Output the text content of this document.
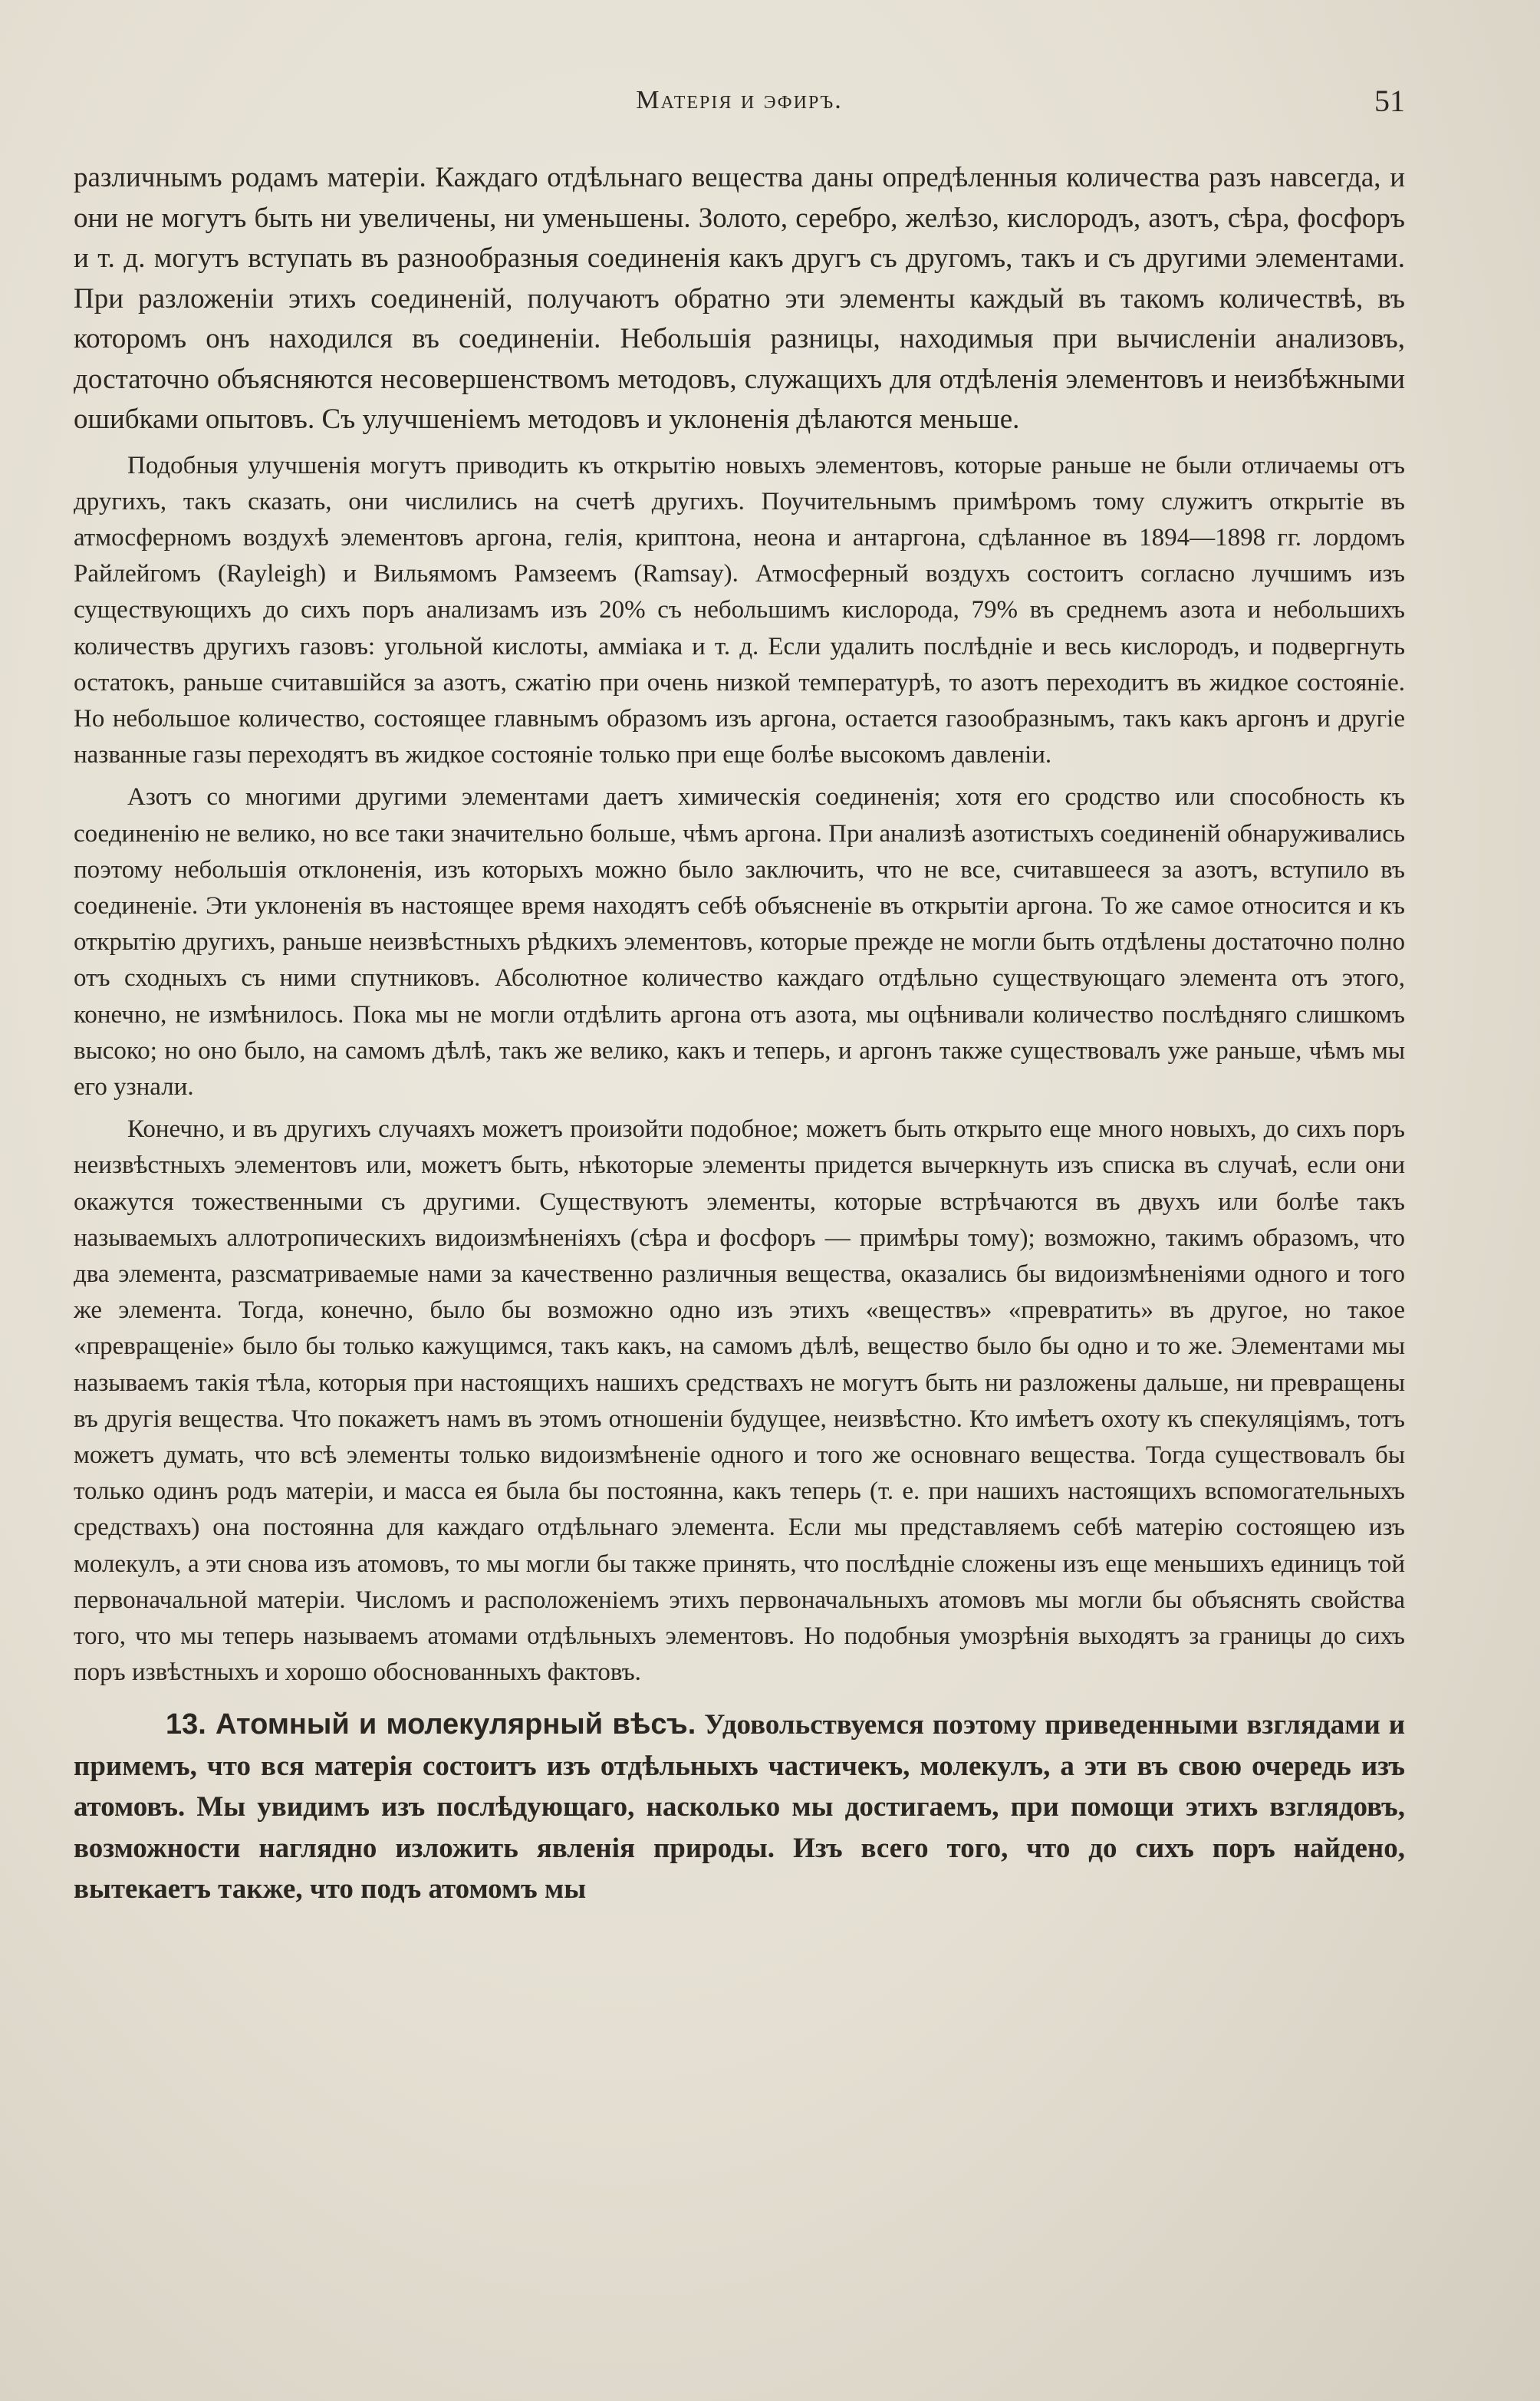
Матерія и эфиръ.	51

различнымъ родамъ матеріи. Каждаго отдѣльнаго вещества даны опредѣленныя количества разъ навсегда, и они не могутъ быть ни увеличены, ни уменьшены. Золото, серебро, желѣзо, кислородъ, азотъ, сѣра, фосфоръ и т. д. могутъ вступать въ разнообразныя соединенія какъ другъ съ другомъ, такъ и съ другими элементами. При разложеніи этихъ соединеній, получаютъ обратно эти элементы каждый въ такомъ количествѣ, въ которомъ онъ находился въ соединеніи. Небольшія разницы, находимыя при вычисленіи анализовъ, достаточно объясняются несовершенствомъ методовъ, служащихъ для отдѣленія элементовъ и неизбѣжными ошибками опытовъ. Съ улучшеніемъ методовъ и уклоненія дѣлаются меньше.

Подобныя улучшенія могутъ приводить къ открытію новыхъ элементовъ, которые раньше не были отличаемы отъ другихъ, такъ сказать, они числились на счетѣ другихъ. Поучительнымъ примѣромъ тому служитъ открытіе въ атмосферномъ воздухѣ элементовъ аргона, гелія, криптона, неона и антаргона, сдѣланное въ 1894—1898 гг. лордомъ Райлейгомъ (Rayleigh) и Вильямомъ Рамзеемъ (Ramsay). Атмосферный воздухъ состоитъ согласно лучшимъ изъ существующихъ до сихъ поръ анализамъ изъ 20% съ небольшимъ кислорода, 79% въ среднемъ азота и небольшихъ количествъ другихъ газовъ: угольной кислоты, амміака и т. д. Если удалить послѣдніе и весь кислородъ, и подвергнуть остатокъ, раньше считавшійся за азотъ, сжатію при очень низкой температурѣ, то азотъ переходитъ въ жидкое состояніе. Но небольшое количество, состоящее главнымъ образомъ изъ аргона, остается газообразнымъ, такъ какъ аргонъ и другіе названные газы переходятъ въ жидкое состояніе только при еще болѣе высокомъ давленіи.

Азотъ со многими другими элементами даетъ химическія соединенія; хотя его сродство или способность къ соединенію не велико, но все таки значительно больше, чѣмъ аргона. При анализѣ азотистыхъ соединеній обнаруживались поэтому небольшія отклоненія, изъ которыхъ можно было заключить, что не все, считавшееся за азотъ, вступило въ соединеніе. Эти уклоненія въ настоящее время находятъ себѣ объясненіе въ открытіи аргона. То же самое относится и къ открытію другихъ, раньше неизвѣстныхъ рѣдкихъ элементовъ, которые прежде не могли быть отдѣлены достаточно полно отъ сходныхъ съ ними спутниковъ. Абсолютное количество каждаго отдѣльно существующаго элемента отъ этого, конечно, не измѣнилось. Пока мы не могли отдѣлить аргона отъ азота, мы оцѣнивали количество послѣдняго слишкомъ высоко; но оно было, на самомъ дѣлѣ, такъ же велико, какъ и теперь, и аргонъ также существовалъ уже раньше, чѣмъ мы его узнали.

Конечно, и въ другихъ случаяхъ можетъ произойти подобное; можетъ быть открыто еще много новыхъ, до сихъ поръ неизвѣстныхъ элементовъ или, можетъ быть, нѣкоторые элементы придется вычеркнуть изъ списка въ случаѣ, если они окажутся тожественными съ другими. Существуютъ элементы, которые встрѣчаются въ двухъ или болѣе такъ называемыхъ аллотропическихъ видоизмѣненіяхъ (сѣра и фосфоръ — примѣры тому); возможно, такимъ образомъ, что два элемента, разсматриваемые нами за качественно различныя вещества, оказались бы видоизмѣненіями одного и того же элемента. Тогда, конечно, было бы возможно одно изъ этихъ «веществъ» «превратить» въ другое, но такое «превращеніе» было бы только кажущимся, такъ какъ, на самомъ дѣлѣ, вещество было бы одно и то же. Элементами мы называемъ такія тѣла, которыя при настоящихъ нашихъ средствахъ не могутъ быть ни разложены дальше, ни превращены въ другія вещества. Что покажетъ намъ въ этомъ отношеніи будущее, неизвѣстно. Кто имѣетъ охоту къ спекуляціямъ, тотъ можетъ думать, что всѣ элементы только видоизмѣненіе одного и того же основнаго вещества. Тогда существовалъ бы только одинъ родъ матеріи, и масса ея была бы постоянна, какъ теперь (т. е. при нашихъ настоящихъ вспомогательныхъ средствахъ) она постоянна для каждаго отдѣльнаго элемента. Если мы представляемъ себѣ матерію состоящею изъ молекулъ, а эти снова изъ атомовъ, то мы могли бы также принять, что послѣдніе сложены изъ еще меньшихъ единицъ той первоначальной матеріи. Числомъ и расположеніемъ этихъ первоначальныхъ атомовъ мы могли бы объяснять свойства того, что мы теперь называемъ атомами отдѣльныхъ элементовъ. Но подобныя умозрѣнія выходятъ за границы до сихъ поръ извѣстныхъ и хорошо обоснованныхъ фактовъ.

13. Атомный и молекулярный вѣсъ. Удовольствуемся поэтому приведенными взглядами и примемъ, что вся матерія состоитъ изъ отдѣльныхъ частичекъ, молекулъ, а эти въ свою очередь изъ атомовъ. Мы увидимъ изъ послѣдующаго, насколько мы достигаемъ, при помощи этихъ взглядовъ, возможности наглядно изложить явленія природы. Изъ всего того, что до сихъ поръ найдено, вытекаетъ также, что подъ атомомъ мы
